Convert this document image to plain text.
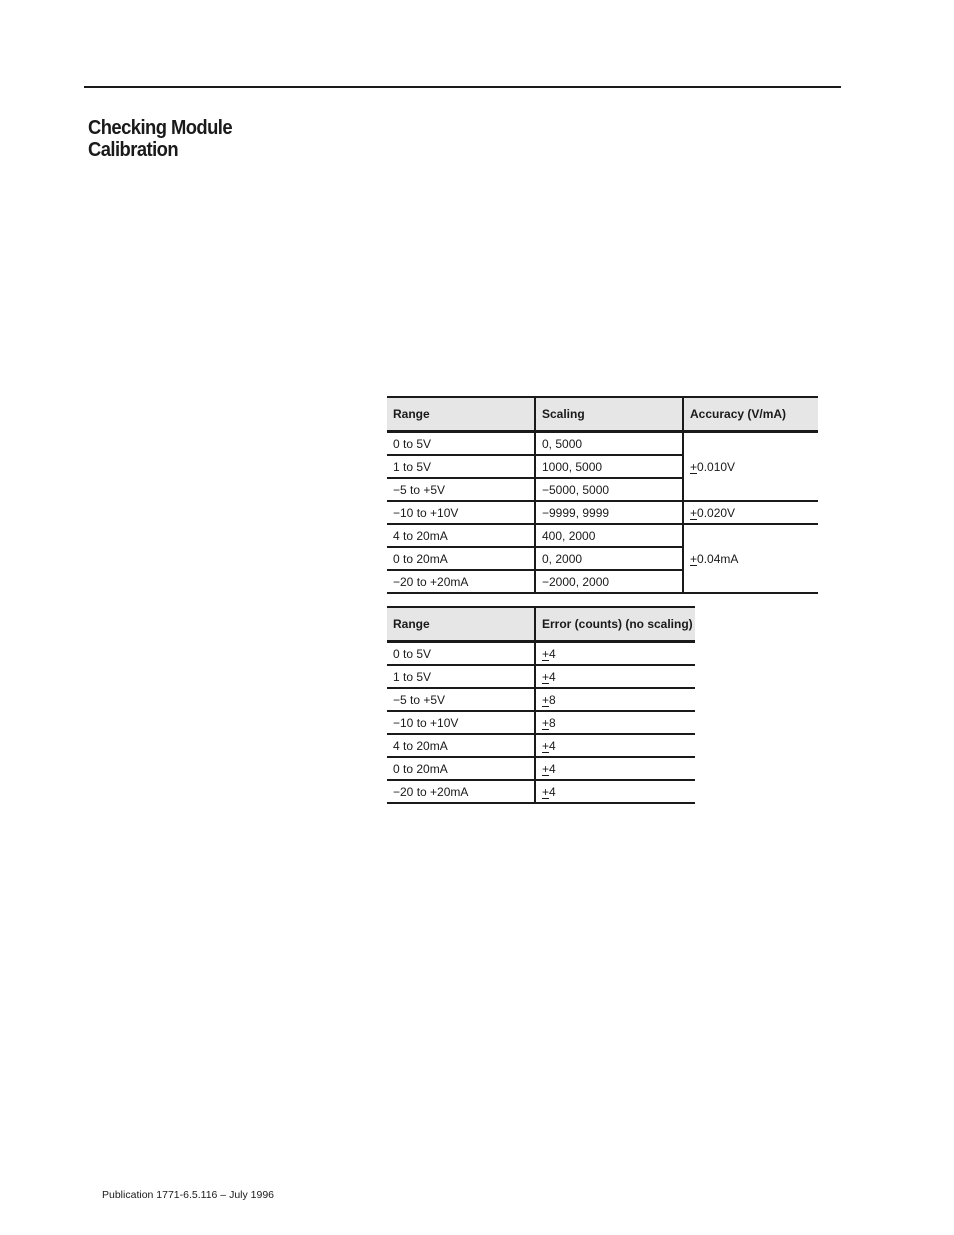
Checking Module
Calibration
Range	Scaling	Accuracy (V/mA)
0 to 5V	0, 5000	+0.010V
1 to 5V	1000, 5000	
−5 to +5V	−5000, 5000	
−10 to +10V	−9999, 9999	+0.020V
4 to 20mA	400, 2000	+0.04mA
0 to 20mA	0, 2000	
−20 to +20mA	−2000, 2000	
Range	Error (counts) (no scaling)
0 to 5V	+4
1 to 5V	+4
−5 to +5V	+8
−10 to +10V	+8
4 to 20mA	+4
0 to 20mA	+4
−20 to +20mA	+4
Publication 1771-6.5.116 – July 1996
